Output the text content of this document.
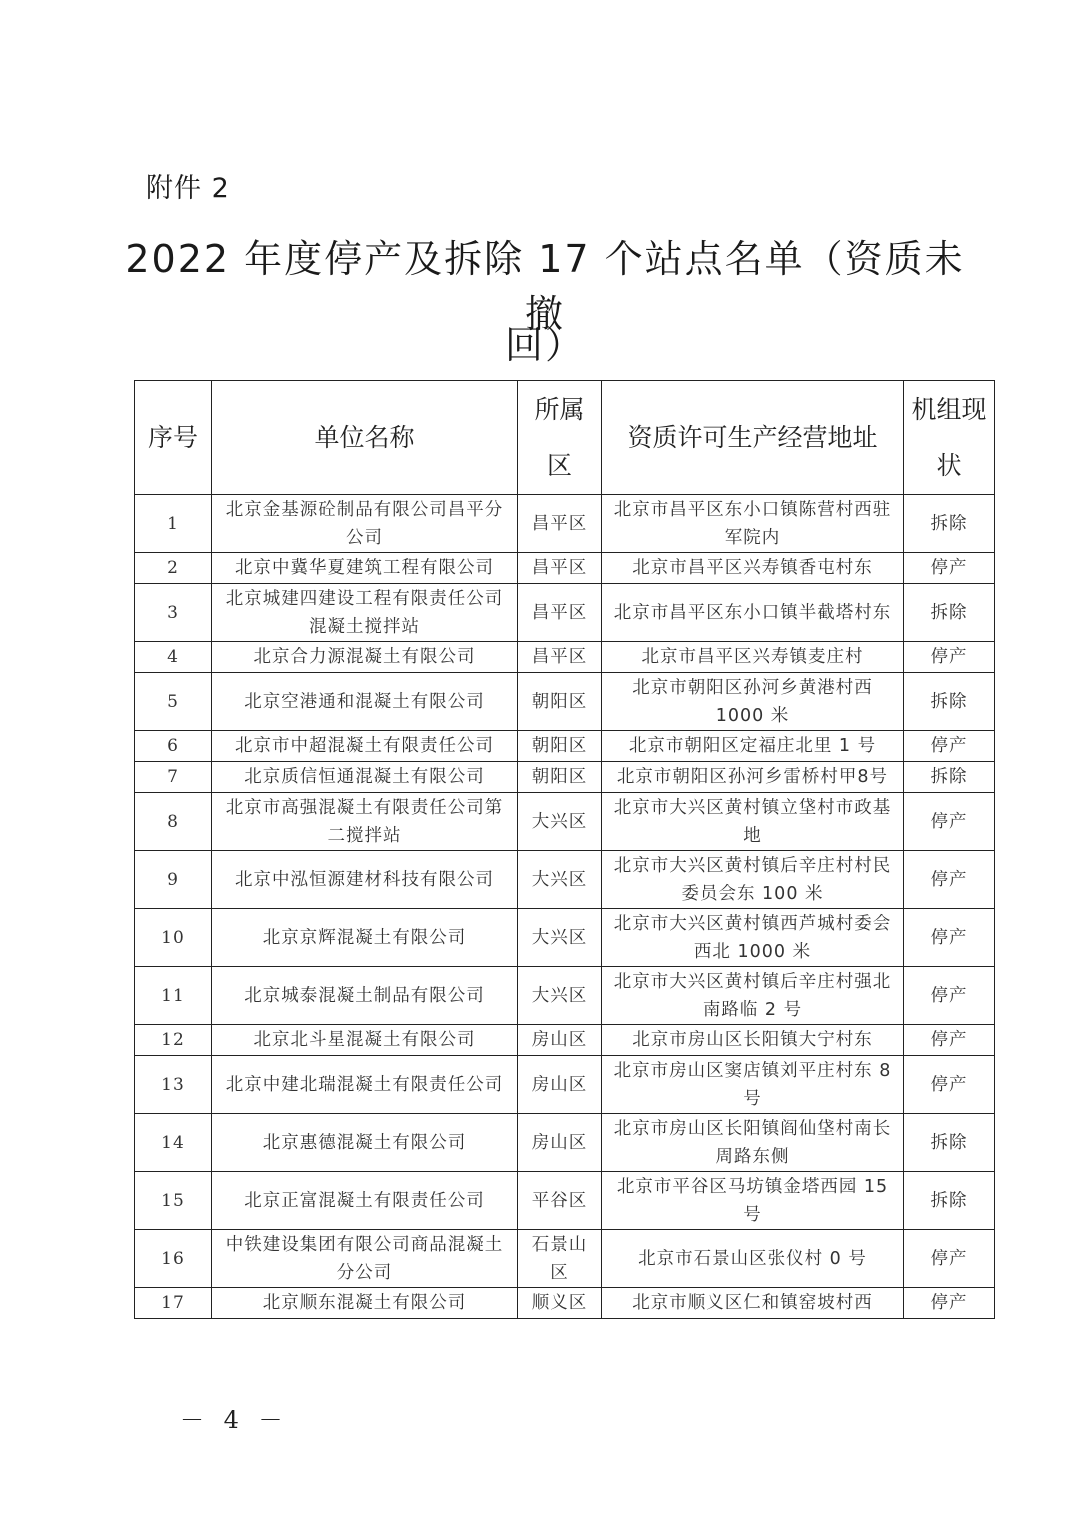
附件 2
2022 年度停产及拆除 17 个站点名单（资质未撤
回）
序号	单位名称	所属区	资质许可生产经营地址	机组现状
1	北京金基源砼制品有限公司昌平分公司	昌平区	北京市昌平区东小口镇陈营村西驻军院内	拆除
2	北京中冀华夏建筑工程有限公司	昌平区	北京市昌平区兴寿镇香屯村东	停产
3	北京城建四建设工程有限责任公司混凝土搅拌站	昌平区	北京市昌平区东小口镇半截塔村东	拆除
4	北京合力源混凝土有限公司	昌平区	北京市昌平区兴寿镇麦庄村	停产
5	北京空港通和混凝土有限公司	朝阳区	北京市朝阳区孙河乡黄港村西 1000 米	拆除
6	北京市中超混凝土有限责任公司	朝阳区	北京市朝阳区定福庄北里 1 号	停产
7	北京质信恒通混凝土有限公司	朝阳区	北京市朝阳区孙河乡雷桥村甲8号	拆除
8	北京市高强混凝土有限责任公司第二搅拌站	大兴区	北京市大兴区黄村镇立垡村市政基地	停产
9	北京中泓恒源建材科技有限公司	大兴区	北京市大兴区黄村镇后辛庄村村民委员会东 100 米	停产
10	北京京辉混凝土有限公司	大兴区	北京市大兴区黄村镇西芦城村委会西北 1000 米	停产
11	北京城泰混凝土制品有限公司	大兴区	北京市大兴区黄村镇后辛庄村强北南路临 2 号	停产
12	北京北斗星混凝土有限公司	房山区	北京市房山区长阳镇大宁村东	停产
13	北京中建北瑞混凝土有限责任公司	房山区	北京市房山区窦店镇刘平庄村东 8 号	停产
14	北京惠德混凝土有限公司	房山区	北京市房山区长阳镇阎仙垡村南长周路东侧	拆除
15	北京正富混凝土有限责任公司	平谷区	北京市平谷区马坊镇金塔西园 15 号	拆除
16	中铁建设集团有限公司商品混凝土分公司	石景山区	北京市石景山区张仪村 0 号	停产
17	北京顺东混凝土有限公司	顺义区	北京市顺义区仁和镇窑坡村西	停产
－ 4 －
